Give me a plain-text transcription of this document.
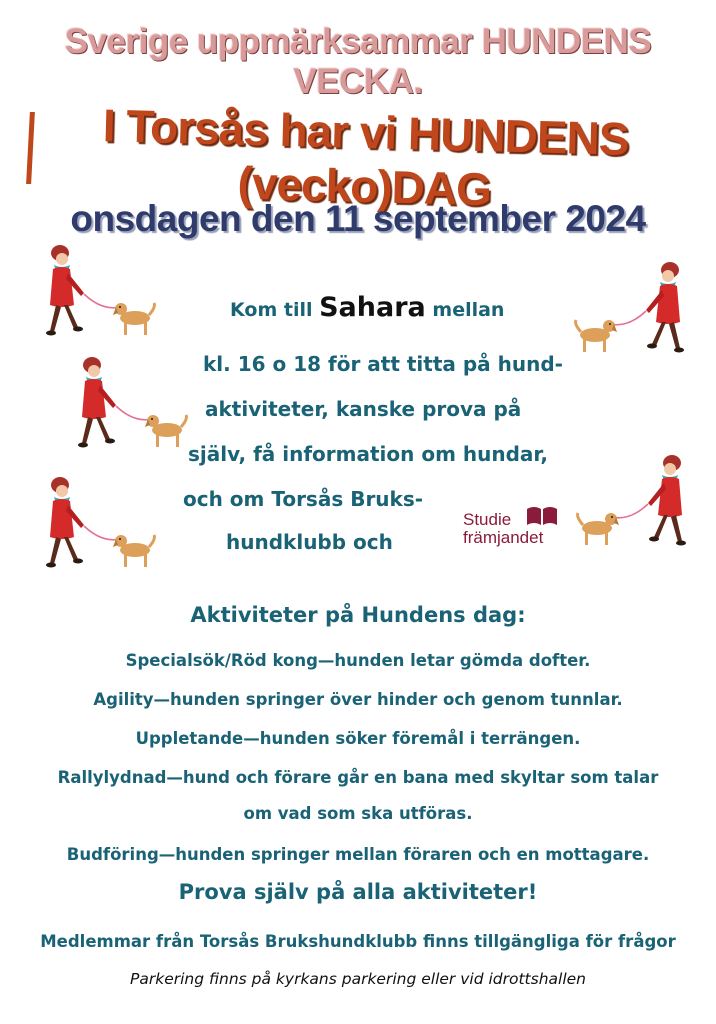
Sverige uppmärksammar HUNDENS VECKA.
I Torsås har vi HUNDENS (vecko)DAG
onsdagen den 11 september 2024
Kom till Sahara mellan
kl. 16 o 18 för att titta på hund-
aktiviteter, kanske prova på
själv, få information om hundar,
och om Torsås Bruks-
hundklubb och
Studie
främjandet
Aktiviteter på Hundens dag:
Specialsök/Röd kong—hunden letar gömda dofter.
Agility—hunden springer över hinder och genom tunnlar.
Uppletande—hunden söker föremål i terrängen.
Rallylydnad—hund och förare går en bana med skyltar som talar
om vad som ska utföras.
Budföring—hunden springer mellan föraren och en mottagare.
Prova själv på alla aktiviteter!
Medlemmar från Torsås Brukshundklubb finns tillgängliga för frågor
Parkering finns på kyrkans parkering eller vid idrottshallen
